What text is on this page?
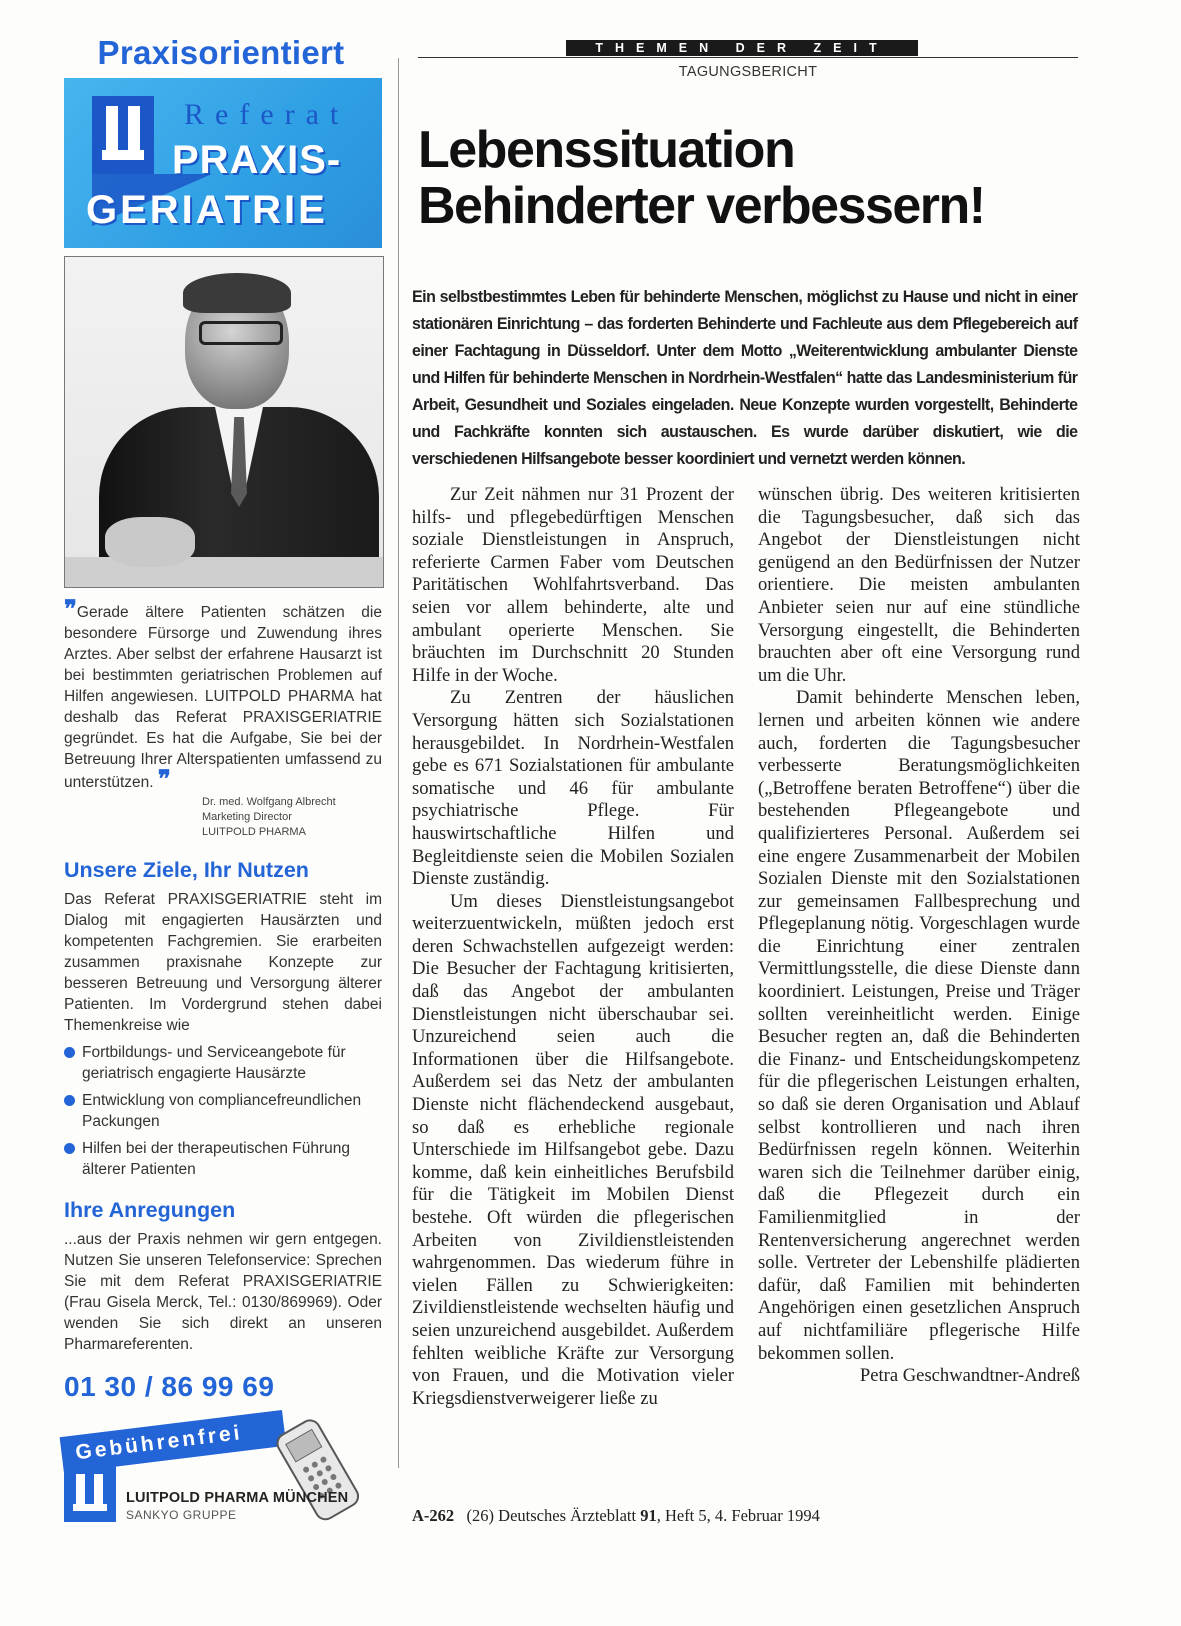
Praxisorientiert
Referat
PRAXIS-
GERIATRIE

❞Gerade ältere Patienten schätzen die besondere Fürsorge und Zuwendung ihres Arztes. Aber selbst der erfahrene Hausarzt ist bei bestimmten geriatrischen Problemen auf Hilfen angewiesen. LUITPOLD PHARMA hat deshalb das Referat PRAXISGERIATRIE gegründet. Es hat die Aufgabe, Sie bei der Betreuung Ihrer Alterspatienten umfassend zu unterstützen. ❞

Dr. med. Wolfgang Albrecht
Marketing Director
LUITPOLD PHARMA
Unsere Ziele, Ihr Nutzen

Das Referat PRAXISGERIATRIE steht im Dialog mit engagierten Hausärzten und kompetenten Fachgremien. Sie erarbeiten zusammen praxisnahe Konzepte zur besseren Betreuung und Versorgung älterer Patienten. Im Vordergrund stehen dabei Themenkreise wie

Fortbildungs- und Serviceangebote für geriatrisch engagierte Hausärzte
Entwicklung von compliancefreundlichen Packungen
Hilfen bei der therapeutischen Führung älterer Patienten
Ihre Anregungen

...aus der Praxis nehmen wir gern entgegen. Nutzen Sie unseren Telefonservice: Sprechen Sie mit dem Referat PRAXISGERIATRIE (Frau Gisela Merck, Tel.: 0130/869969). Oder wenden Sie sich direkt an unseren Pharmareferenten.

01 30 / 86 99 69
Gebührenfrei
LUITPOLD PHARMA MÜNCHEN
SANKYO GRUPPE
THEMEN DER ZEIT
TAGUNGSBERICHT
Lebenssituation
Behinderter verbessern!

Ein selbstbestimmtes Leben für behinderte Menschen, möglichst zu Hause und nicht in einer stationären Einrichtung – das forderten Behinderte und Fachleute aus dem Pflegebereich auf einer Fachtagung in Düsseldorf. Unter dem Motto „Weiterentwicklung ambulanter Dienste und Hilfen für behinderte Menschen in Nordrhein-Westfalen“ hatte das Landesministerium für Arbeit, Gesundheit und Soziales eingeladen. Neue Konzepte wurden vorgestellt, Behinderte und Fachkräfte konnten sich austauschen. Es wurde darüber diskutiert, wie die verschiedenen Hilfsangebote besser koordiniert und vernetzt werden können.

Zur Zeit nähmen nur 31 Prozent der hilfs- und pflegebedürftigen Menschen soziale Dienstleistungen in Anspruch, referierte Carmen Faber vom Deutschen Paritätischen Wohlfahrtsverband. Das seien vor allem behinderte, alte und ambulant operierte Menschen. Sie bräuchten im Durchschnitt 20 Stunden Hilfe in der Woche.

Zu Zentren der häuslichen Versorgung hätten sich Sozialstationen herausgebildet. In Nordrhein-Westfalen gebe es 671 Sozialstationen für ambulante somatische und 46 für ambulante psychiatrische Pflege. Für hauswirtschaftliche Hilfen und Begleitdienste seien die Mobilen Sozialen Dienste zuständig.

Um dieses Dienstleistungsangebot weiterzuentwickeln, müßten jedoch erst deren Schwachstellen aufgezeigt werden: Die Besucher der Fachtagung kritisierten, daß das Angebot der ambulanten Dienstleistungen nicht überschaubar sei. Unzureichend seien auch die Informationen über die Hilfsangebote. Außerdem sei das Netz der ambulanten Dienste nicht flächendeckend ausgebaut, so daß es erhebliche regionale Unterschiede im Hilfsangebot gebe. Dazu komme, daß kein einheitliches Berufsbild für die Tätigkeit im Mobilen Dienst bestehe. Oft würden die pflegerischen Arbeiten von Zivildienstleistenden wahrgenommen. Das wiederum führe in vielen Fällen zu Schwierigkeiten: Zivildienstleistende wechselten häufig und seien unzureichend ausgebildet. Außerdem fehlten weibliche Kräfte zur Versorgung von Frauen, und die Motivation vieler Kriegsdienstverweigerer ließe zu

wünschen übrig. Des weiteren kritisierten die Tagungsbesucher, daß sich das Angebot der Dienstleistungen nicht genügend an den Bedürfnissen der Nutzer orientiere. Die meisten ambulanten Anbieter seien nur auf eine stündliche Versorgung eingestellt, die Behinderten brauchten aber oft eine Versorgung rund um die Uhr.

Damit behinderte Menschen leben, lernen und arbeiten können wie andere auch, forderten die Tagungsbesucher verbesserte Beratungsmöglichkeiten („Betroffene beraten Betroffene“) über die bestehenden Pflegeangebote und qualifizierteres Personal. Außerdem sei eine engere Zusammenarbeit der Mobilen Sozialen Dienste mit den Sozialstationen zur gemeinsamen Fallbesprechung und Pflegeplanung nötig. Vorgeschlagen wurde die Einrichtung einer zentralen Vermittlungsstelle, die diese Dienste dann koordiniert. Leistungen, Preise und Träger sollten vereinheitlicht werden. Einige Besucher regten an, daß die Behinderten die Finanz- und Entscheidungskompetenz für die pflegerischen Leistungen erhalten, so daß sie deren Organisation und Ablauf selbst kontrollieren und nach ihren Bedürfnissen regeln können. Weiterhin waren sich die Teilnehmer darüber einig, daß die Pflegezeit durch ein Familienmitglied in der Rentenversicherung angerechnet werden solle. Vertreter der Lebenshilfe plädierten dafür, daß Familien mit behinderten Angehörigen einen gesetzlichen Anspruch auf nichtfamiliäre pflegerische Hilfe bekommen sollen.

Petra Geschwandtner-Andreß

A-262 (26) Deutsches Ärzteblatt 91, Heft 5, 4. Februar 1994
